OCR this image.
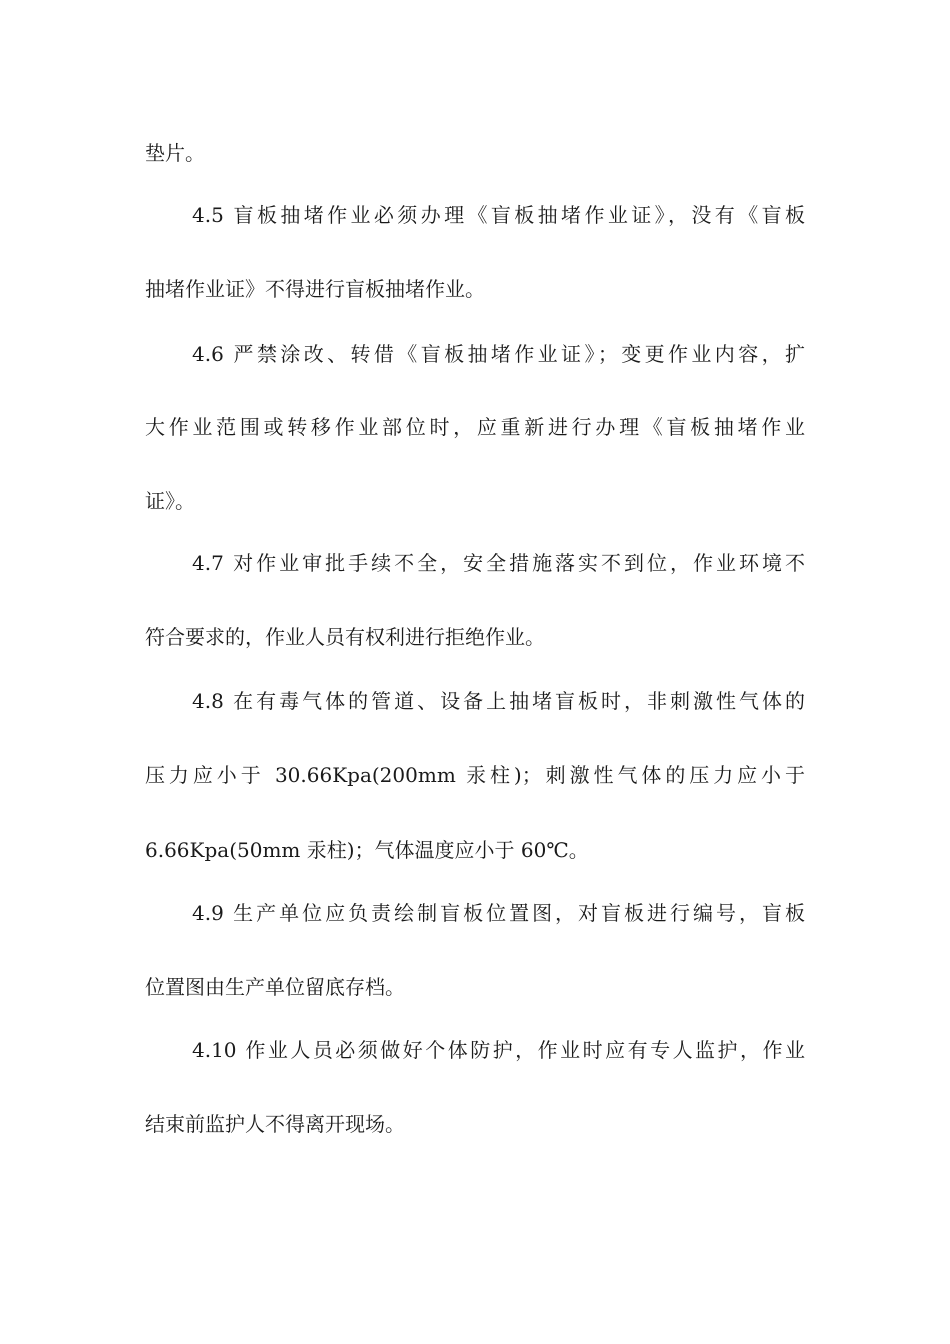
垫片。
4.5 盲板抽堵作业必须办理《盲板抽堵作业证》，没有《盲板
抽堵作业证》不得进行盲板抽堵作业。
4.6 严禁涂改、转借《盲板抽堵作业证》；变更作业内容，扩
大作业范围或转移作业部位时，应重新进行办理《盲板抽堵作业
证》。
4.7 对作业审批手续不全，安全措施落实不到位，作业环境不
符合要求的，作业人员有权利进行拒绝作业。
4.8 在有毒气体的管道、设备上抽堵盲板时，非刺激性气体的
压力应小于 30.66Kpa(200mm 汞柱)；刺激性气体的压力应小于
6.66Kpa(50mm 汞柱)；气体温度应小于 60℃。
4.9 生产单位应负责绘制盲板位置图，对盲板进行编号，盲板
位置图由生产单位留底存档。
4.10 作业人员必须做好个体防护，作业时应有专人监护，作业
结束前监护人不得离开现场。
